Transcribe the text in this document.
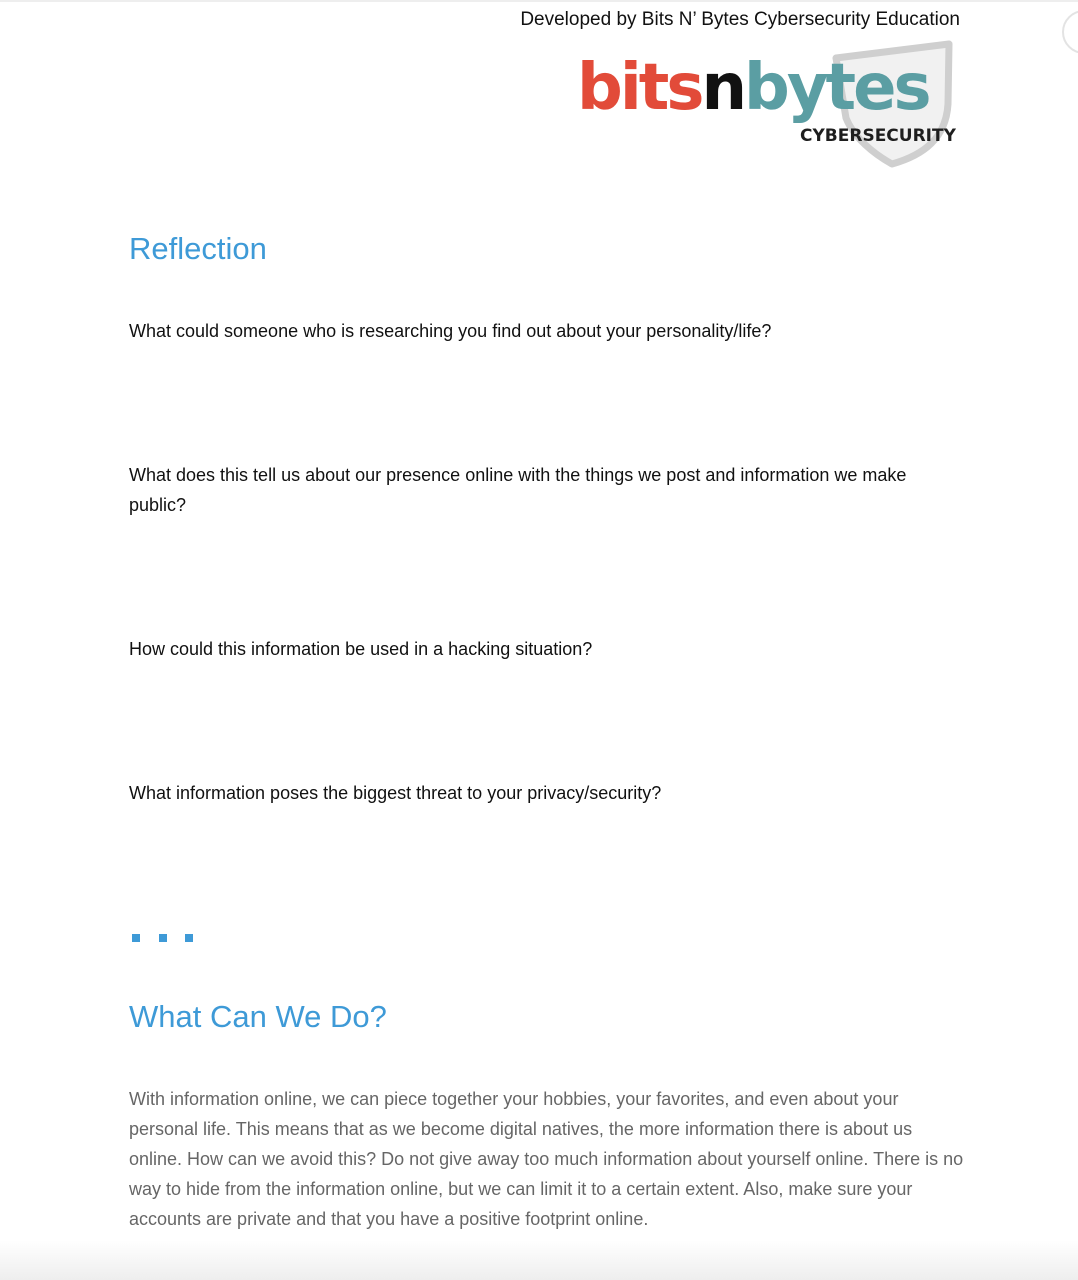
Developed by Bits N’ Bytes Cybersecurity Education
bitsnbytes
CYBERSECURITY
Reflection

What could someone who is researching you find out about your personality/life?

What does this tell us about our presence online with the things we post and information we make public?

How could this information be used in a hacking situation?

What information poses the biggest threat to your privacy/security?

What Can We Do?

With information online, we can piece together your hobbies, your favorites, and even about your personal life. This means that as we become digital natives, the more information there is about us online. How can we avoid this? Do not give away too much information about yourself online. There is no way to hide from the information online, but we can limit it to a certain extent. Also, make sure your accounts are private and that you have a positive footprint online.
